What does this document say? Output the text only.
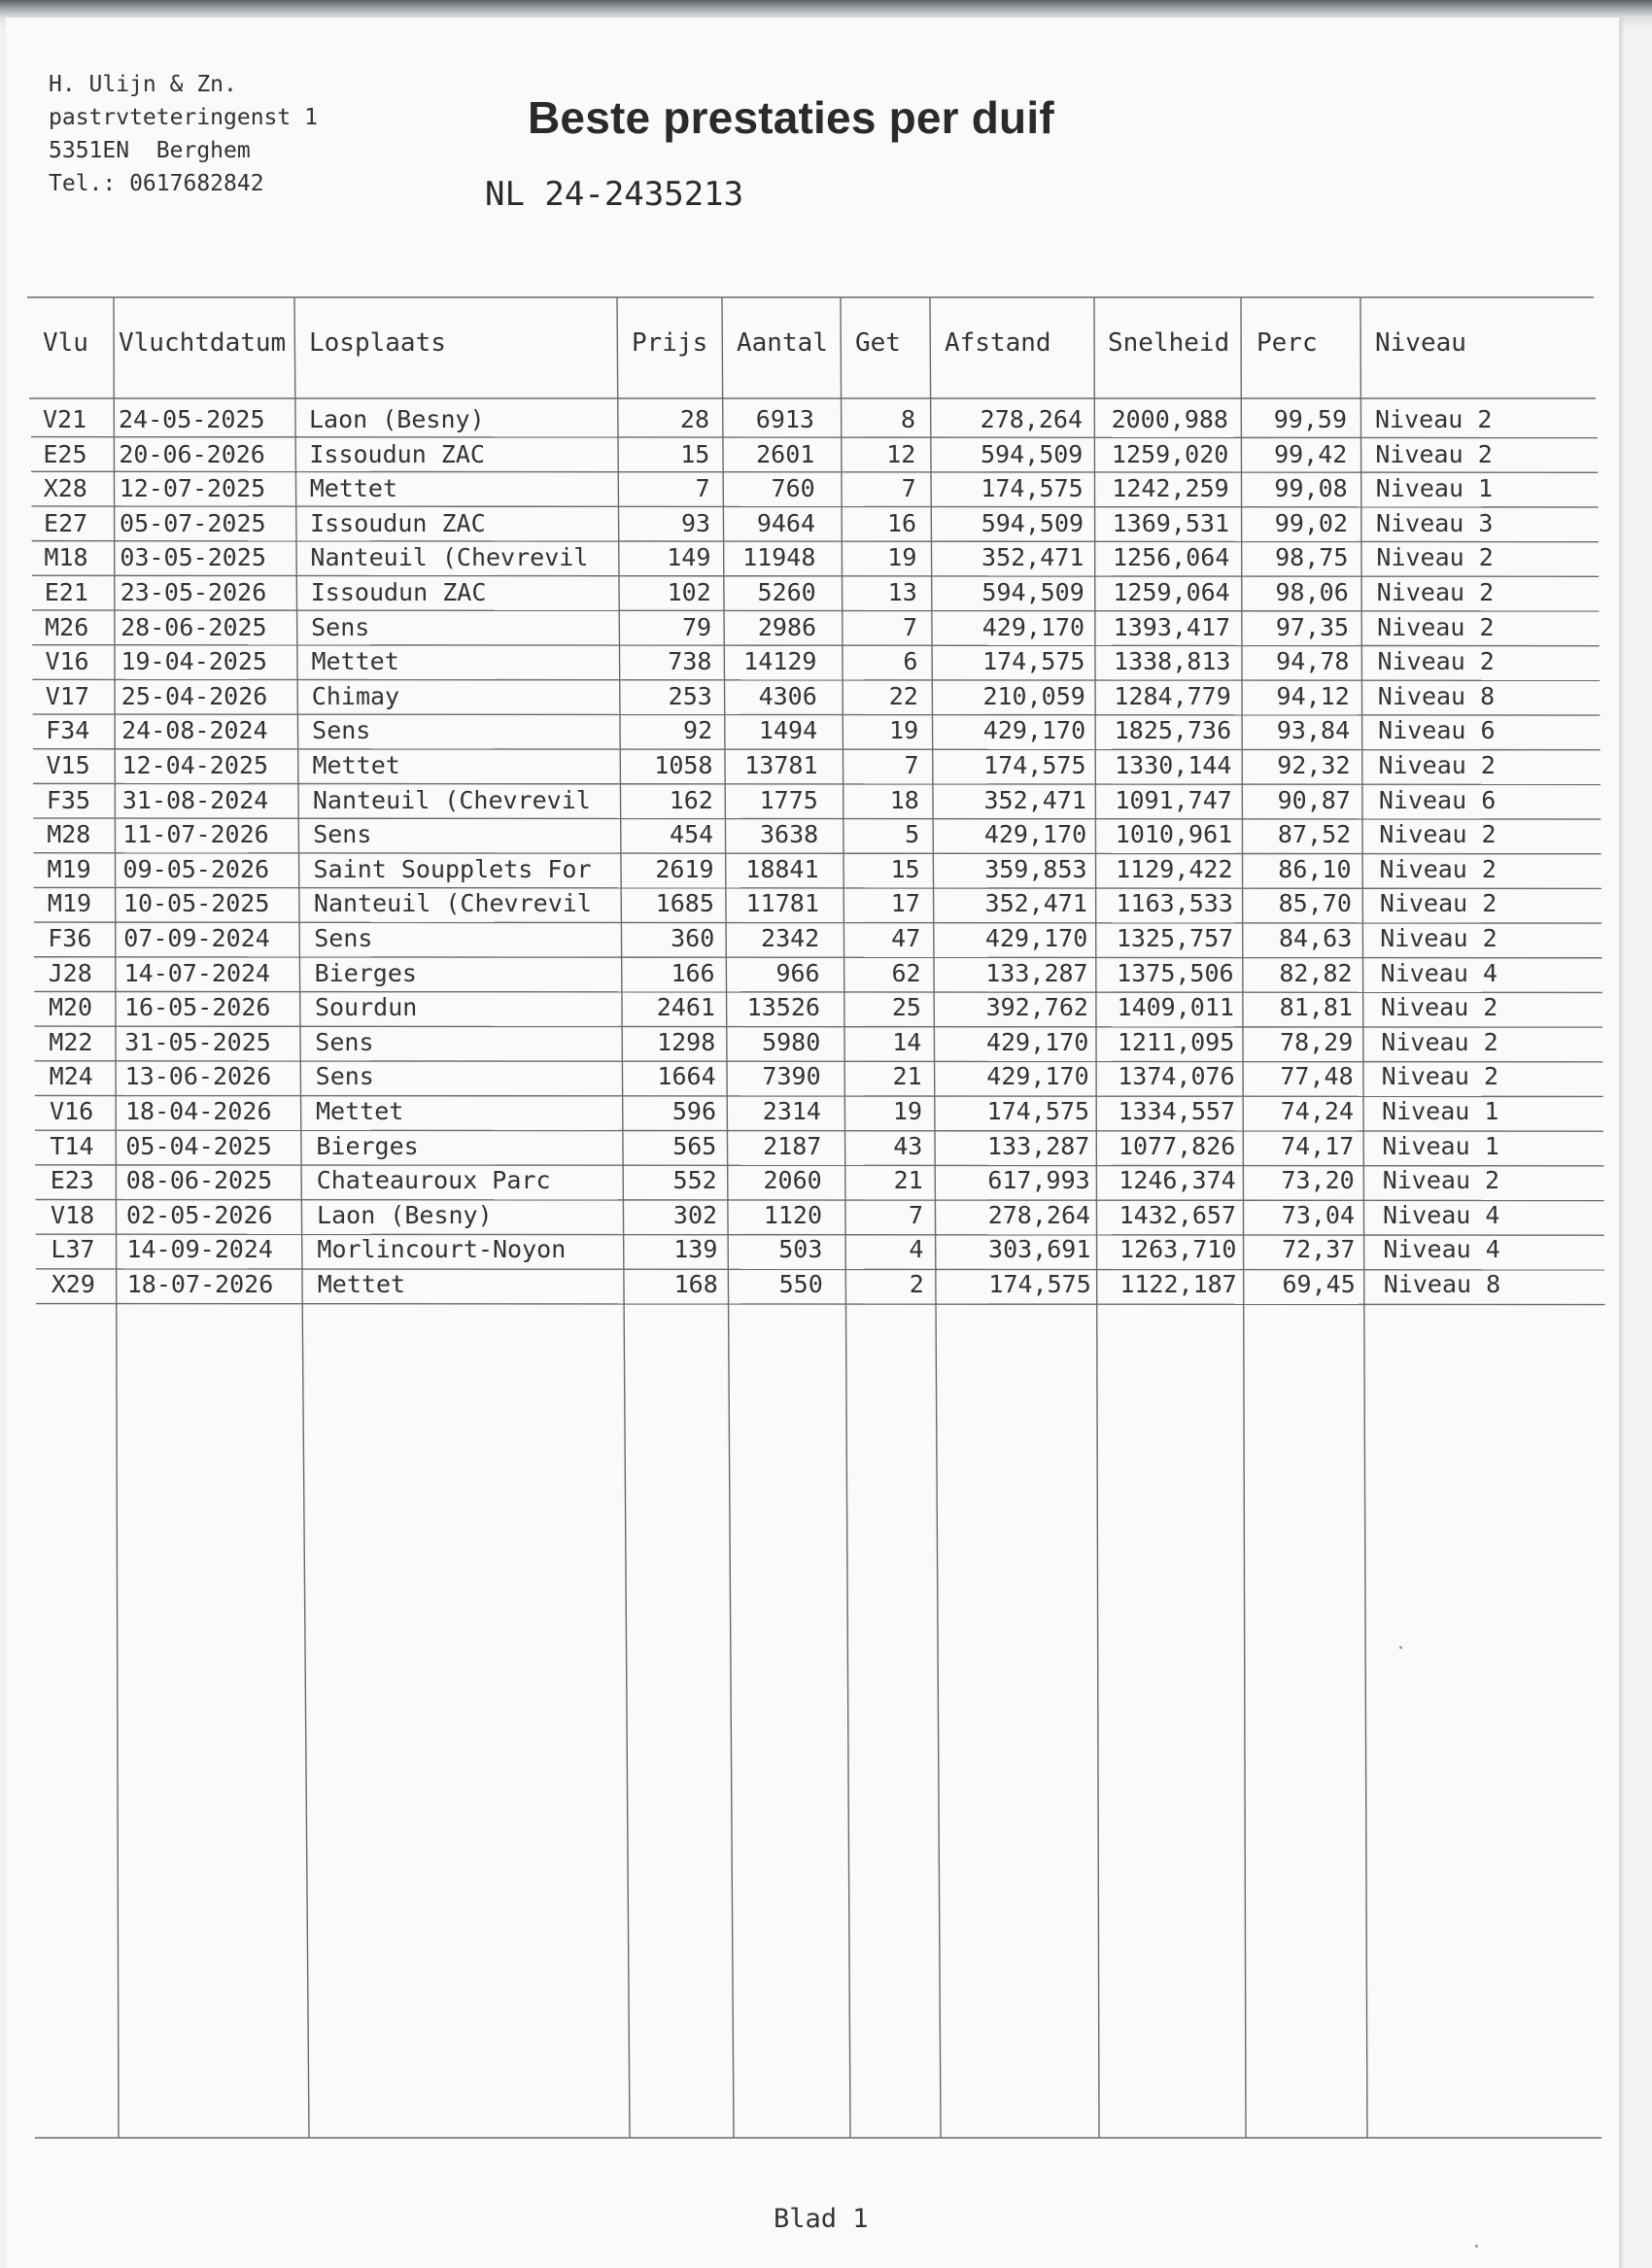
H. Ulijn & Zn.
pastrvteteringenst 1
5351EN  Berghem
Tel.: 0617682842
Beste prestaties per duif
NL 24-2435213
Vlu Vluchtdatum Losplaats	Prijs Aantal Get Afstand Snelheid Perc Niveau
V21 24-05-2025 Laon (Besny)	28	6913	8	278,264	2000,988	99,59 Niveau 2
E25 20-06-2026 Issoudun ZAC	15	2601	12	594,509	1259,020	99,42 Niveau 2
X28 12-07-2025 Mettet	7	760	7	174,575	1242,259	99,08 Niveau 1
E27 05-07-2025 Issoudun ZAC	93	9464	16	594,509	1369,531	99,02 Niveau 3
M18 03-05-2025 Nanteuil (Chevrevil	149	11948	19	352,471	1256,064	98,75 Niveau 2
E21 23-05-2026 Issoudun ZAC	102	5260	13	594,509	1259,064	98,06 Niveau 2
M26 28-06-2025 Sens	79	2986	7	429,170	1393,417	97,35 Niveau 2
V16 19-04-2025 Mettet	738	14129	6	174,575	1338,813	94,78 Niveau 2
V17 25-04-2026 Chimay	253	4306	22	210,059	1284,779	94,12 Niveau 8
F34 24-08-2024 Sens	92	1494	19	429,170	1825,736	93,84 Niveau 6
V15 12-04-2025 Mettet	1058	13781	7	174,575	1330,144	92,32 Niveau 2
F35 31-08-2024 Nanteuil (Chevrevil	162	1775	18	352,471	1091,747	90,87 Niveau 6
M28 11-07-2026 Sens	454	3638	5	429,170	1010,961	87,52 Niveau 2
M19 09-05-2026 Saint Soupplets For	2619	18841	15	359,853	1129,422	86,10 Niveau 2
M19 10-05-2025 Nanteuil (Chevrevil	1685	11781	17	352,471	1163,533	85,70 Niveau 2
F36 07-09-2024 Sens	360	2342	47	429,170	1325,757	84,63 Niveau 2
J28 14-07-2024 Bierges	166	966	62	133,287	1375,506	82,82 Niveau 4
M20 16-05-2026 Sourdun	2461	13526	25	392,762	1409,011	81,81 Niveau 2
M22 31-05-2025 Sens	1298	5980	14	429,170	1211,095	78,29 Niveau 2
M24 13-06-2026 Sens	1664	7390	21	429,170	1374,076	77,48 Niveau 2
V16 18-04-2026 Mettet	596	2314	19	174,575	1334,557	74,24 Niveau 1
T14 05-04-2025 Bierges	565	2187	43	133,287	1077,826	74,17 Niveau 1
E23 08-06-2025 Chateauroux Parc	552	2060	21	617,993	1246,374	73,20 Niveau 2
V18 02-05-2026 Laon (Besny)	302	1120	7	278,264	1432,657	73,04 Niveau 4
L37 14-09-2024 Morlincourt-Noyon	139	503	4	303,691	1263,710	72,37 Niveau 4
X29 18-07-2026 Mettet	168	550	2	174,575	1122,187	69,45 Niveau 8
Blad 1
